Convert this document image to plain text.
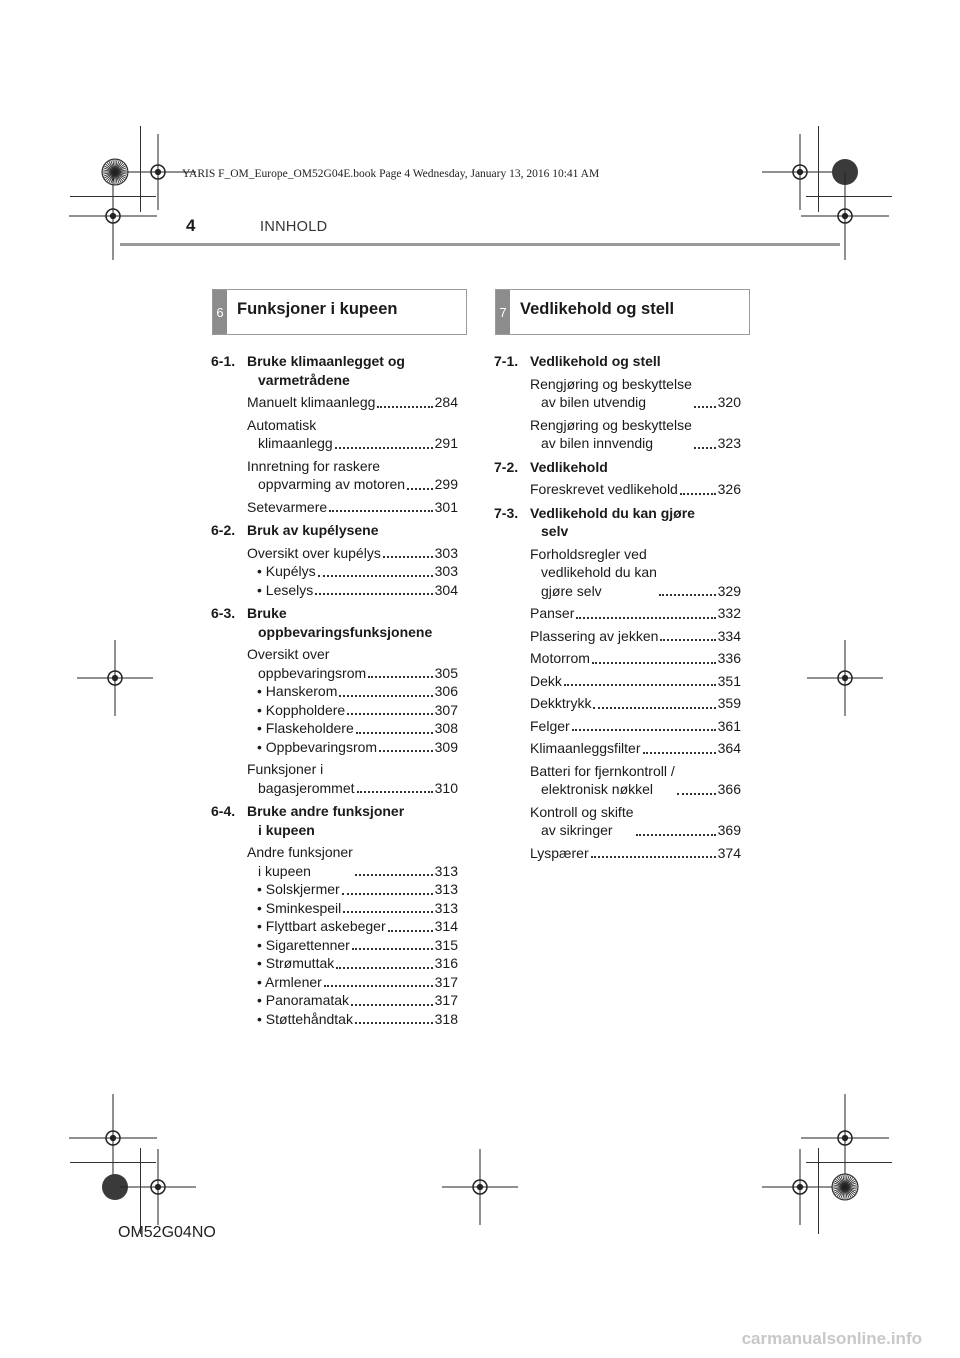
YARIS F_OM_Europe_OM52G04E.book Page 4 Wednesday, January 13, 2016 10:41 AM
4	INNHOLD
6 Funksjoner i kupeen	7 Vedlikehold og stell
6-1. Bruke klimaanlegget og
varmetrådene
Manuelt klimaanlegg	284
Automatisk
klimaanlegg	291
Innretning for raskere
oppvarming av motoren 299
Setevarmere	301
6-2. Bruk av kupélysene
Oversikt over kupélys	303
• Kupélys	303
• Leselys	304
6-3. Bruke
oppbevaringsfunksjonene
Oversikt over
oppbevaringsrom	305
• Hanskerom	306
• Koppholdere	307
• Flaskeholdere	308
• Oppbevaringsrom	309
Funksjoner i
bagasjerommet	310
6-4. Bruke andre funksjoner
i kupeen
Andre funksjoner
i kupeen	313
• Solskjermer	313
• Sminkespeil	313
• Flyttbart askebeger	314
• Sigarettenner	315
• Strømuttak	316
• Armlener	317
• Panoramatak	317
• Støttehåndtak	318
7-1. Vedlikehold og stell
Rengjøring og beskyttelse
av bilen utvendig	320
Rengjøring og beskyttelse
av bilen innvendig	323
7-2. Vedlikehold
Foreskrevet vedlikehold	326
7-3. Vedlikehold du kan gjøre
selv
Forholdsregler ved
vedlikehold du kan
gjøre selv	329
Panser	332
Plassering av jekken	334
Motorrom	336
Dekk	351
Dekktrykk	359
Felger	361
Klimaanleggsfilter	364
Batteri for fjernkontroll /
elektronisk nøkkel	366
Kontroll og skifte
av sikringer	369
Lyspærer	374
OM52G04NO
carmanualsonline.info
